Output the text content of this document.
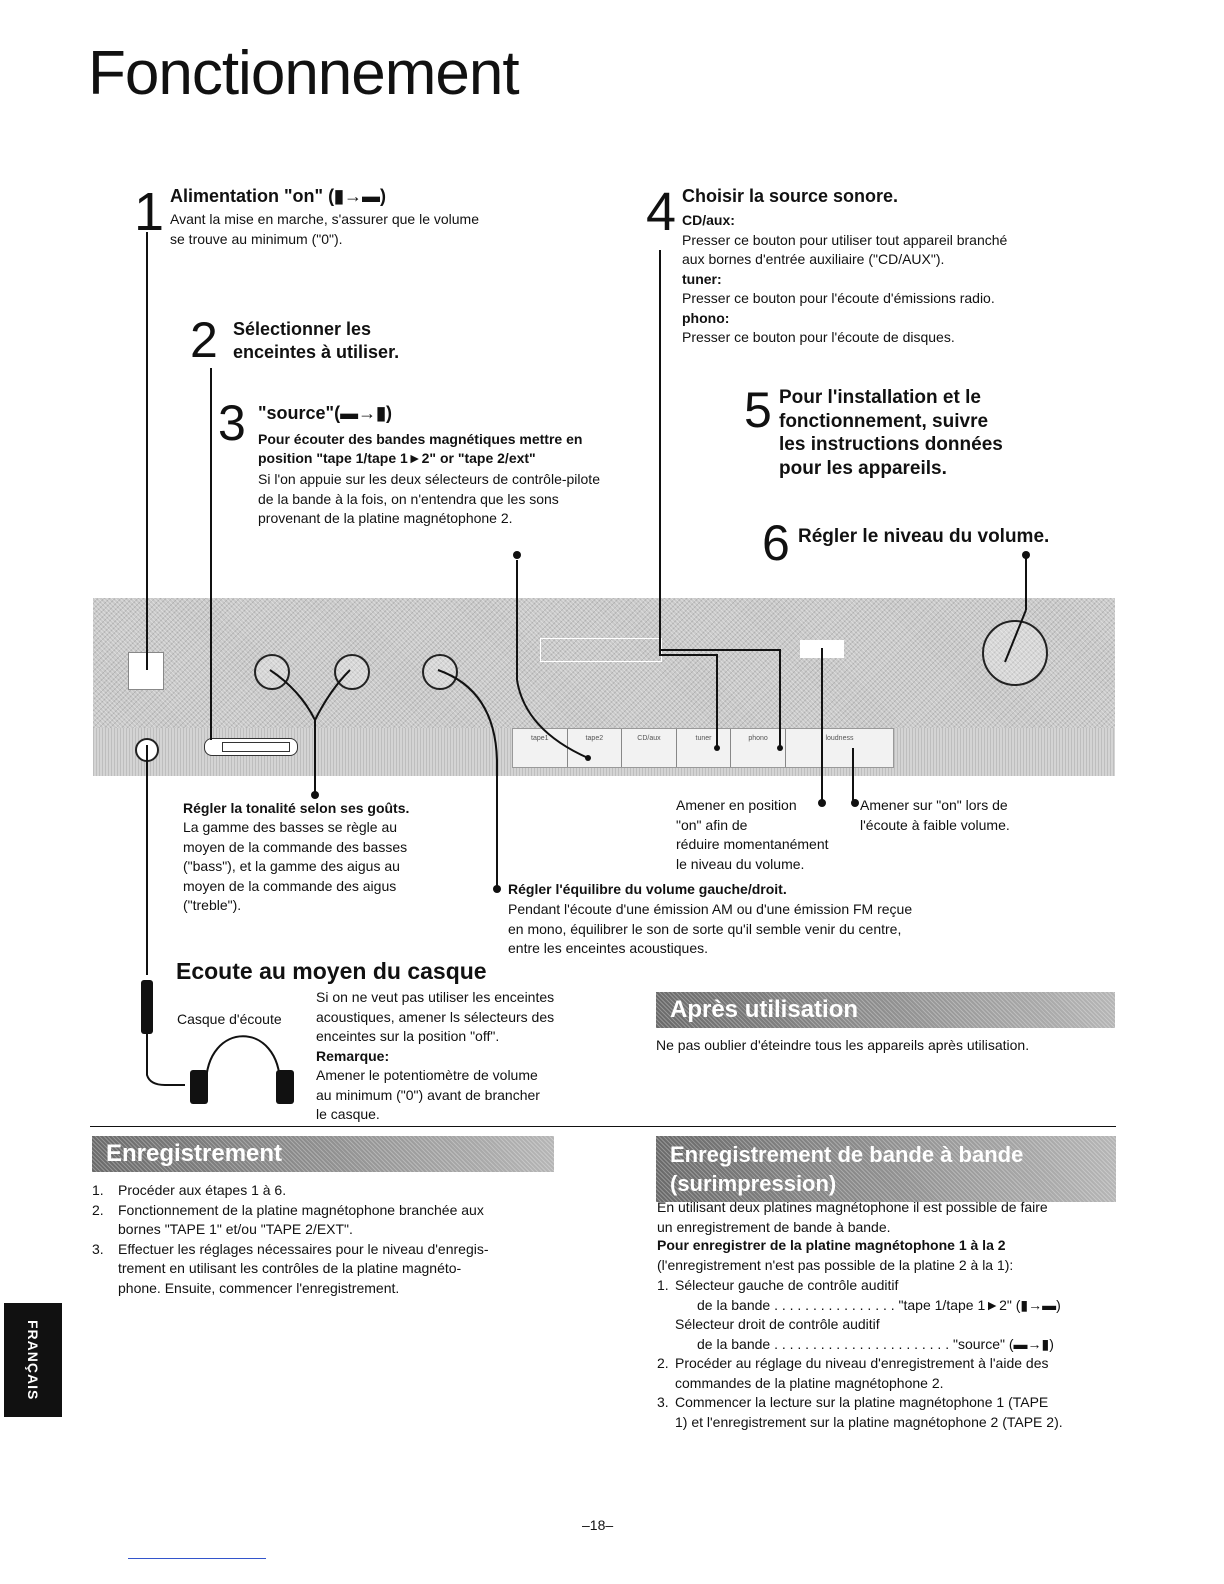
Fonctionnement
1 Alimentation "on" (▮→▬)
Avant la mise en marche, s'assurer que le volume
se trouve au minimum ("0").
2 Sélectionner les
enceintes à utiliser.
3 "source"(▬→▮)
Pour écouter des bandes magnétiques mettre en
position "tape 1/tape 1►2" or "tape 2/ext"
Si l'on appuie sur les deux sélecteurs de contrôle-pilote
de la bande à la fois, on n'entendra que les sons
provenant de la platine magnétophone 2.
4 Choisir la source sonore.
CD/aux:
Presser ce bouton pour utiliser tout appareil branché
aux bornes d'entrée auxiliaire ("CD/AUX").
tuner:
Presser ce bouton pour l'écoute d'émissions radio.
phono:
Presser ce bouton pour l'écoute de disques.
5 Pour l'installation et le
fonctionnement, suivre
les instructions données
pour les appareils.
6 Régler le niveau du volume.
tape1	tape2	CD/aux	tuner	phono	loudness
Régler la tonalité selon ses goûts.
La gamme des basses se règle au
moyen de la commande des basses
("bass"), et la gamme des aigus au
moyen de la commande des aigus
("treble").
Amener en position
"on" afin de
réduire momentanément
le niveau du volume.
Amener sur "on" lors de
l'écoute à faible volume.
Régler l'équilibre du volume gauche/droit.
Pendant l'écoute d'une émission AM ou d'une émission FM reçue
en mono, équilibrer le son de sorte qu'il semble venir du centre,
entre les enceintes acoustiques.
Ecoute au moyen du casque
Casque d'écoute
Si on ne veut pas utiliser les enceintes
acoustiques, amener ls sélecteurs des
enceintes sur la position "off".
Remarque:
Amener le potentiomètre de volume
au minimum ("0") avant de brancher
le casque.
Après utilisation
Ne pas oublier d'éteindre tous les appareils après utilisation.
Enregistrement
1. Procéder aux étapes 1 à 6.
2. Fonctionnement de la platine magnétophone branchée aux
bornes "TAPE 1" et/ou "TAPE 2/EXT".
3. Effectuer les réglages nécessaires pour le niveau d'enregis-
trement en utilisant les contrôles de la platine magnéto-
phone. Ensuite, commencer l'enregistrement.
Enregistrement de bande à bande
(surimpression)
En utilisant deux platines magnétophone il est possible de faire
un enregistrement de bande à bande.
Pour enregistrer de la platine magnétophone 1 à la 2
(l'enregistrement n'est pas possible de la platine 2 à la 1):
1. Sélecteur gauche de contrôle auditif
de la bande . . . . . . . . . . . . . . . . "tape 1/tape 1►2" (▮→▬)
Sélecteur droit de contrôle auditif
de la bande . . . . . . . . . . . . . . . . . . . . . . . "source" (▬→▮)
2. Procéder au réglage du niveau d'enregistrement à l'aide des
commandes de la platine magnétophone 2.
3. Commencer la lecture sur la platine magnétophone 1 (TAPE
1) et l'enregistrement sur la platine magnétophone 2 (TAPE 2).
FRANÇAIS
–18–
